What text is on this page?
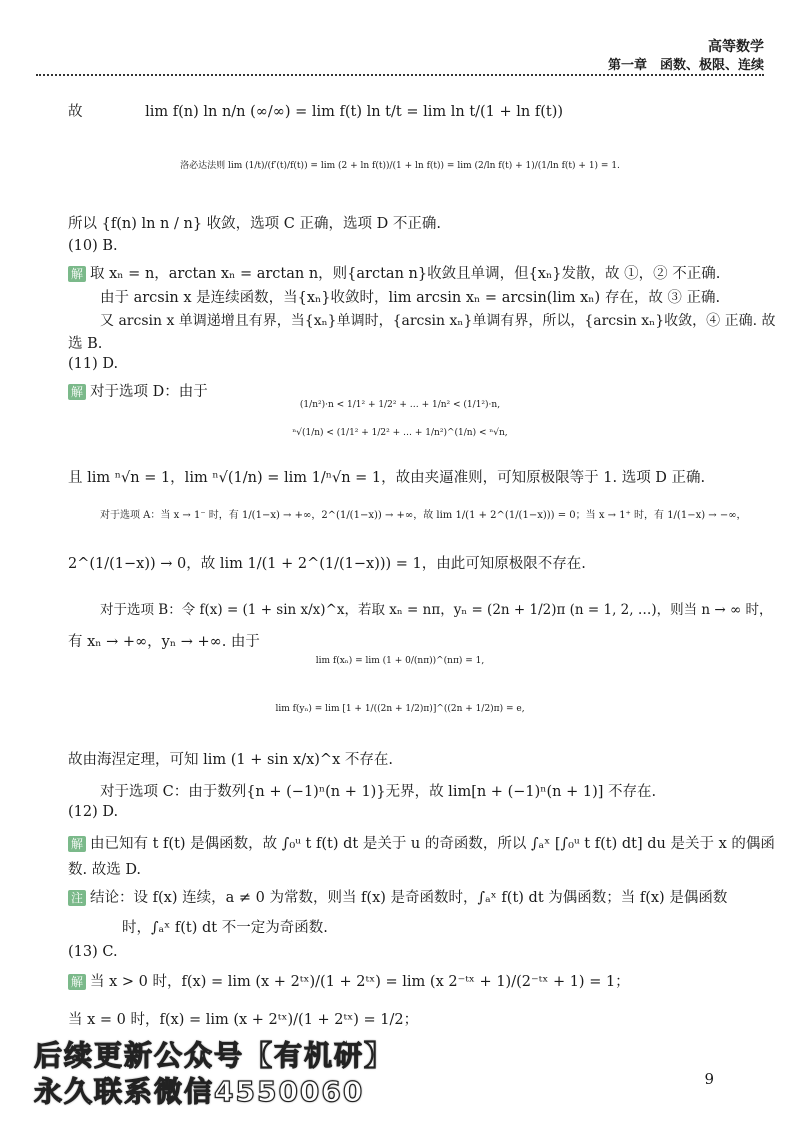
高等数学
第一章　函数、极限、连续
故　　　　 lim f(n) ln n/n (∞/∞) = lim f(t) ln t/t = lim ln t/(1 + ln f(t))
洛必达法则 lim (1/t)/(f′(t)/f(t)) = lim (2 + ln f(t))/(1 + ln f(t)) = lim (2/ln f(t) + 1)/(1/ln f(t) + 1) = 1.
所以 {f(n) ln n / n} 收敛，选项 C 正确，选项 D 不正确.
(10) B.
解 取 xₙ = n，arctan xₙ = arctan n，则{arctan n}收敛且单调，但{xₙ}发散，故 ①，② 不正确.
由于 arcsin x 是连续函数，当{xₙ}收敛时，lim arcsin xₙ = arcsin(lim xₙ) 存在，故 ③ 正确.
又 arcsin x 单调递增且有界，当{xₙ}单调时，{arcsin xₙ}单调有界，所以，{arcsin xₙ}收敛，④ 正确. 故
选 B.
(11) D.
解 对于选项 D：由于
(1/n²)·n < 1/1² + 1/2² + … + 1/n² < (1/1²)·n,
ⁿ√(1/n) < (1/1² + 1/2² + … + 1/n²)^(1/n) < ⁿ√n,
且 lim ⁿ√n = 1，lim ⁿ√(1/n) = lim 1/ⁿ√n = 1，故由夹逼准则，可知原极限等于 1. 选项 D 正确.
对于选项 A：当 x → 1⁻ 时，有 1/(1−x) → +∞，2^(1/(1−x)) → +∞，故 lim 1/(1 + 2^(1/(1−x))) = 0；当 x → 1⁺ 时，有 1/(1−x) → −∞，
2^(1/(1−x)) → 0，故 lim 1/(1 + 2^(1/(1−x))) = 1，由此可知原极限不存在.
对于选项 B：令 f(x) = (1 + sin x/x)^x，若取 xₙ = nπ，yₙ = (2n + 1/2)π (n = 1, 2, …)，则当 n → ∞ 时，
有 xₙ → +∞，yₙ → +∞. 由于
lim f(xₙ) = lim (1 + 0/(nπ))^(nπ) = 1,
lim f(yₙ) = lim [1 + 1/((2n + 1/2)π)]^((2n + 1/2)π) = e,
故由海涅定理，可知 lim (1 + sin x/x)^x 不存在.
对于选项 C：由于数列{n + (−1)ⁿ(n + 1)}无界，故 lim[n + (−1)ⁿ(n + 1)] 不存在.
(12) D.
解 由已知有 t f(t) 是偶函数，故 ∫₀ᵘ t f(t) dt 是关于 u 的奇函数，所以 ∫ₐˣ [∫₀ᵘ t f(t) dt] du 是关于 x 的偶函
数. 故选 D.
注 结论：设 f(x) 连续，a ≠ 0 为常数，则当 f(x) 是奇函数时，∫ₐˣ f(t) dt 为偶函数；当 f(x) 是偶函数
时，∫ₐˣ f(t) dt 不一定为奇函数.
(13) C.
解 当 x > 0 时，f(x) = lim (x + 2ᵗˣ)/(1 + 2ᵗˣ) = lim (x 2⁻ᵗˣ + 1)/(2⁻ᵗˣ + 1) = 1；
当 x = 0 时，f(x) = lim (x + 2ᵗˣ)/(1 + 2ᵗˣ) = 1/2；
后续更新公众号【有机研】
永久联系微信4550060	9
